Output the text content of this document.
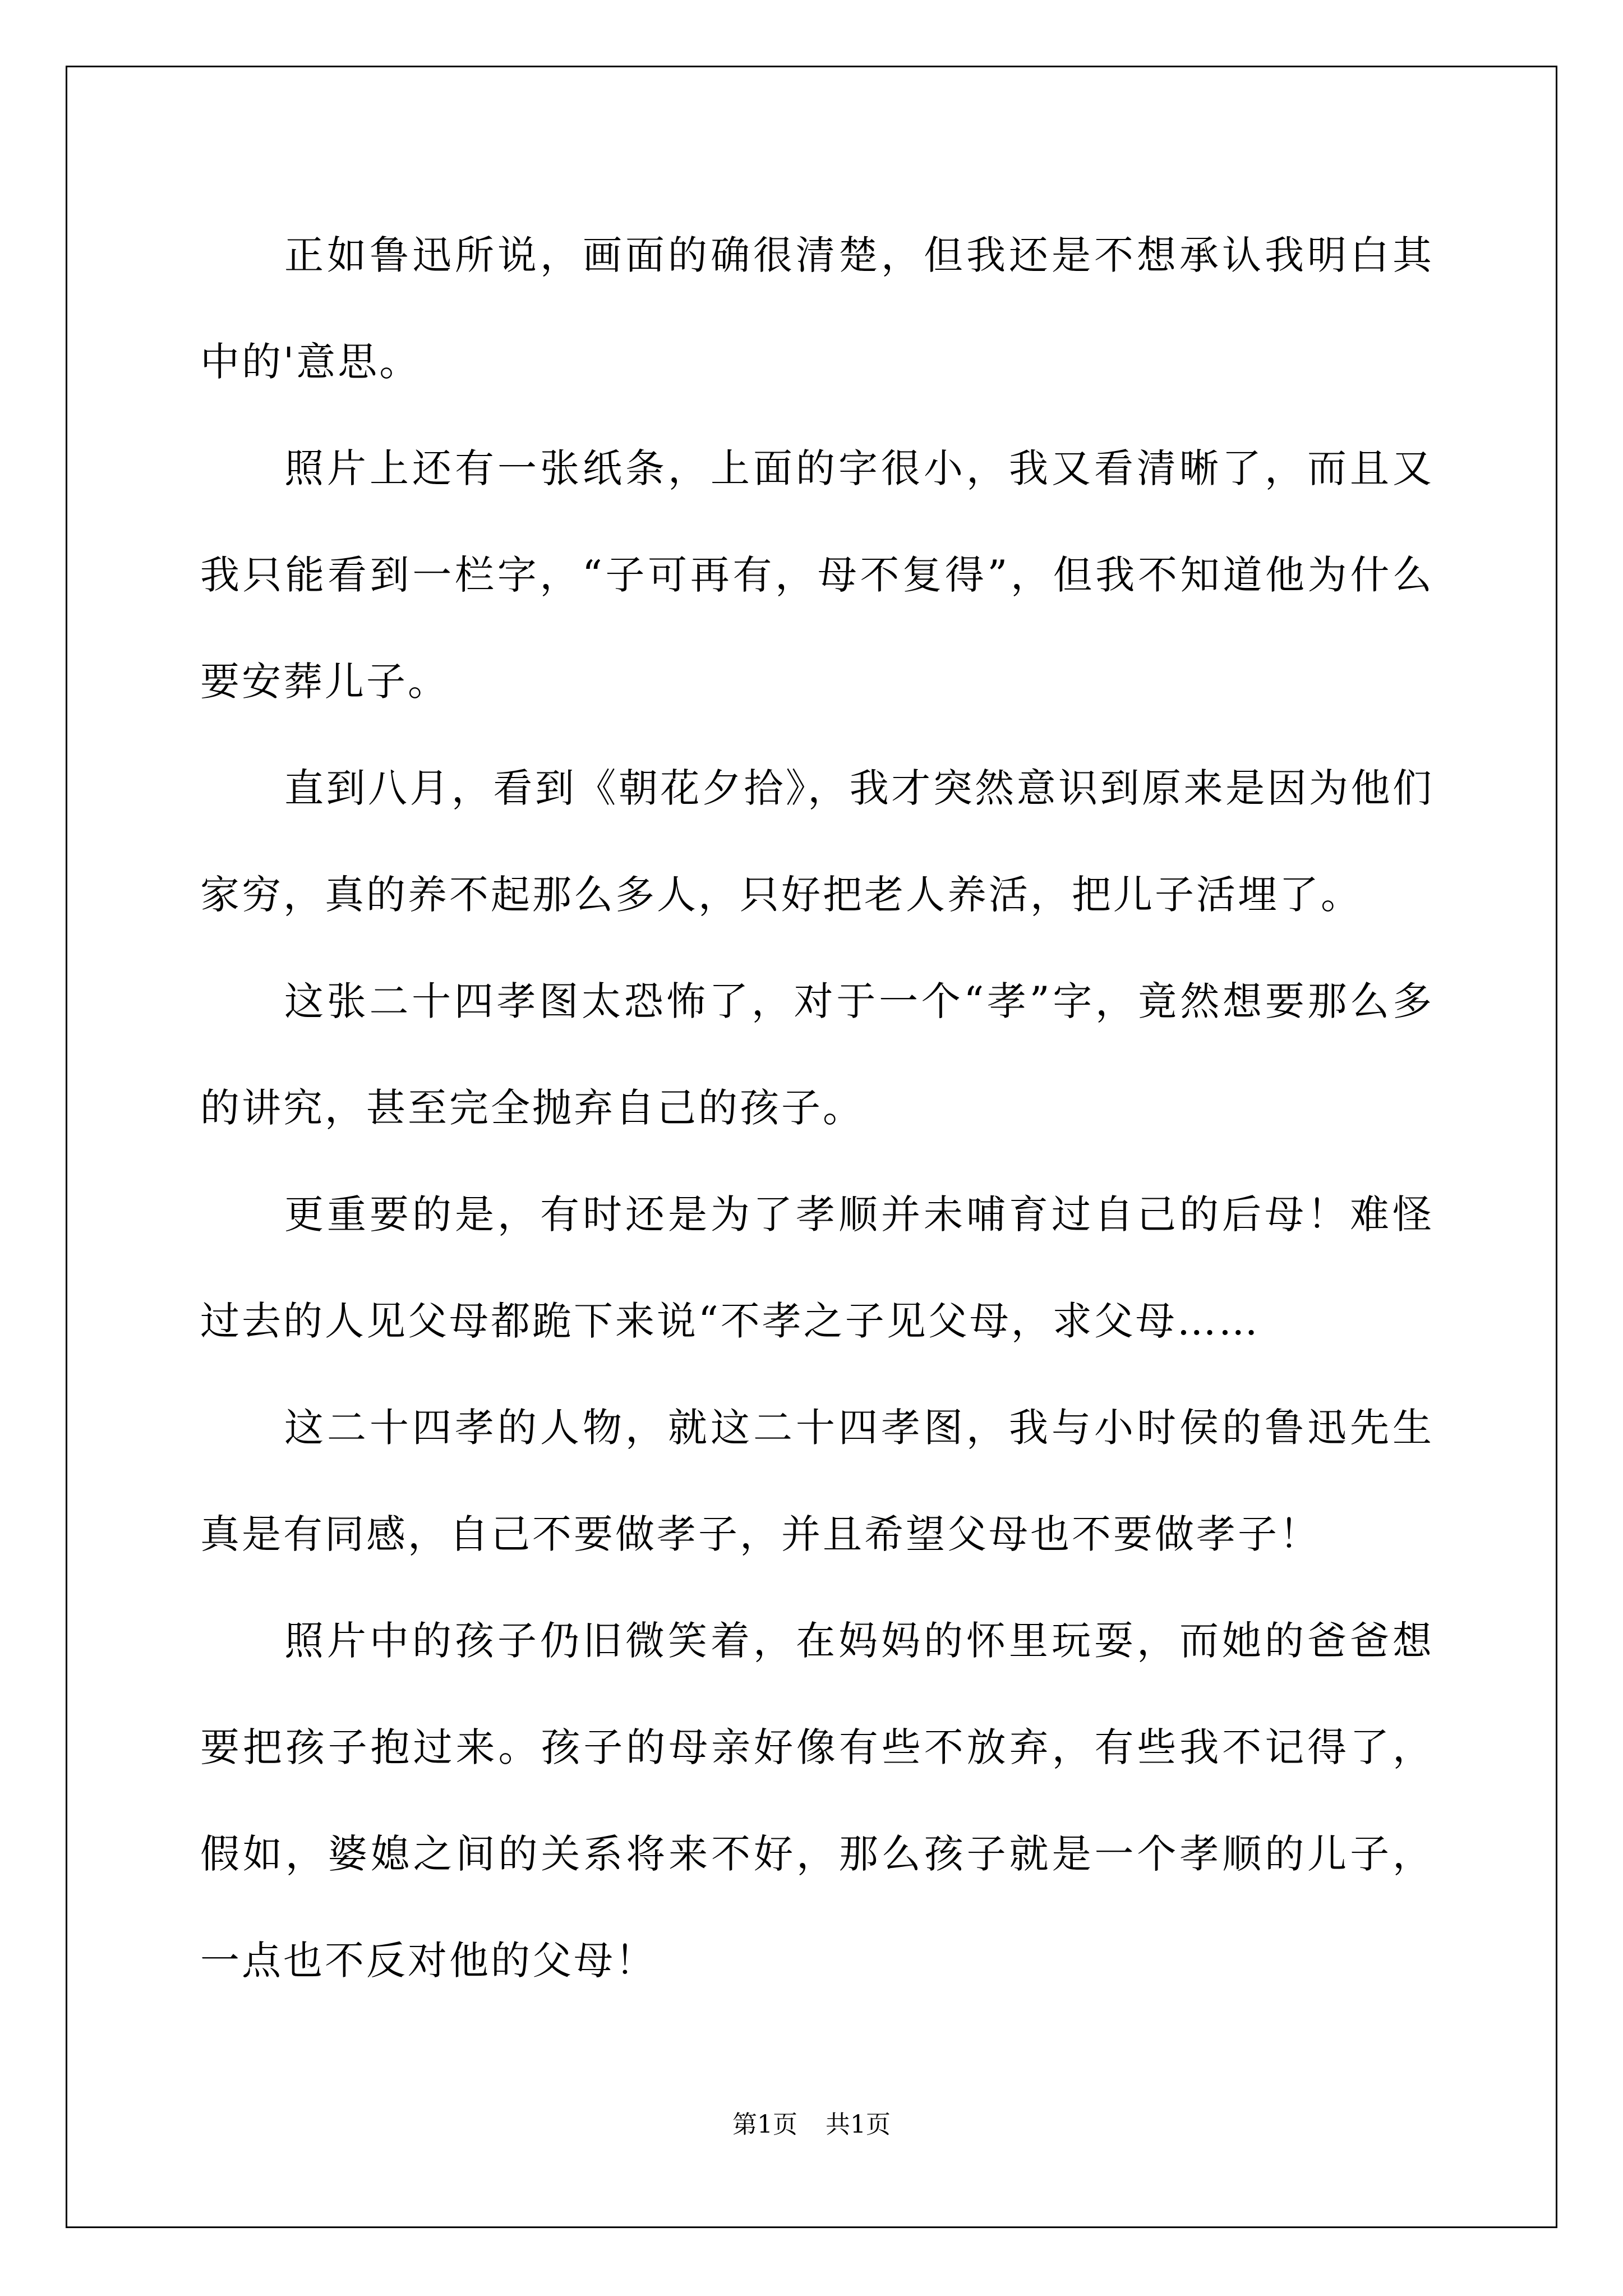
正如鲁迅所说，画面的确很清楚，但我还是不想承认我明白其中的'意思。

照片上还有一张纸条，上面的字很小，我又看清晰了，而且又我只能看到一栏字，“子可再有，母不复得”，但我不知道他为什么要安葬儿子。

直到八月，看到《朝花夕拾》，我才突然意识到原来是因为他们家穷，真的养不起那么多人，只好把老人养活，把儿子活埋了。

这张二十四孝图太恐怖了，对于一个“孝”字，竟然想要那么多的讲究，甚至完全抛弃自己的孩子。

更重要的是，有时还是为了孝顺并未哺育过自己的后母！难怪过去的人见父母都跪下来说“不孝之子见父母，求父母……

这二十四孝的人物，就这二十四孝图，我与小时侯的鲁迅先生真是有同感，自己不要做孝子，并且希望父母也不要做孝子！

照片中的孩子仍旧微笑着，在妈妈的怀里玩耍，而她的爸爸想要把孩子抱过来。孩子的母亲好像有些不放弃，有些我不记得了，假如，婆媳之间的关系将来不好，那么孩子就是一个孝顺的儿子，一点也不反对他的父母！

第1页 共1页
